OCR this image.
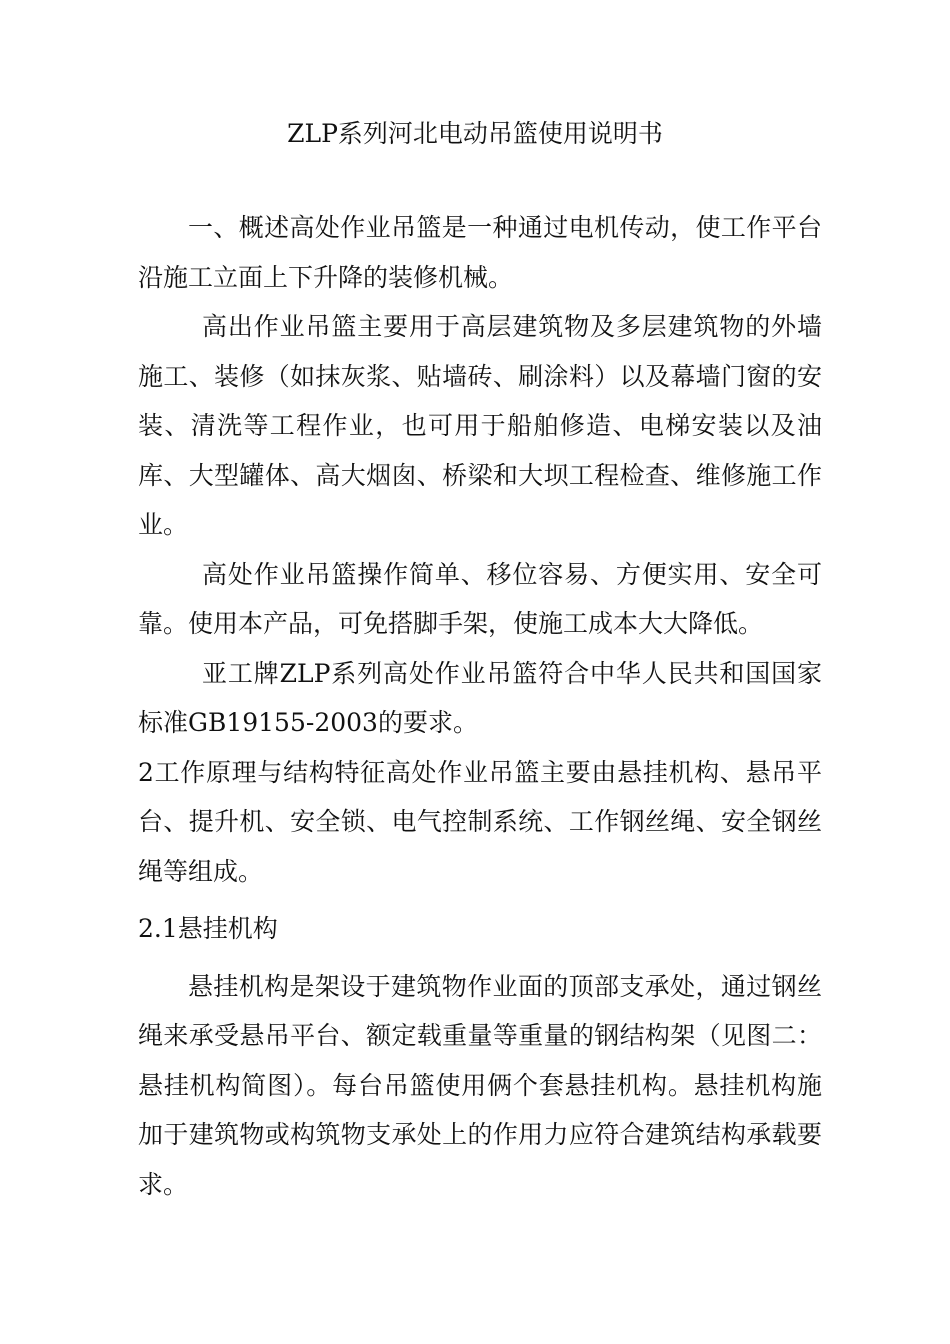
ZLP系列河北电动吊篮使用说明书

一、概述高处作业吊篮是一种通过电机传动，使工作平台沿施工立面上下升降的装修机械。

高出作业吊篮主要用于高层建筑物及多层建筑物的外墙施工、装修（如抹灰浆、贴墙砖、刷涂料）以及幕墙门窗的安装、清洗等工程作业，也可用于船舶修造、电梯安装以及油库、大型罐体、高大烟囱、桥梁和大坝工程检查、维修施工作业。

高处作业吊篮操作简单、移位容易、方便实用、安全可靠。使用本产品，可免搭脚手架，使施工成本大大降低。

亚工牌ZLP系列高处作业吊篮符合中华人民共和国国家标准GB19155-2003的要求。

2工作原理与结构特征高处作业吊篮主要由悬挂机构、悬吊平台、提升机、安全锁、电气控制系统、工作钢丝绳、安全钢丝绳等组成。

2.1悬挂机构

悬挂机构是架设于建筑物作业面的顶部支承处，通过钢丝绳来承受悬吊平台、额定载重量等重量的钢结构架（见图二：悬挂机构简图）。每台吊篮使用俩个套悬挂机构。悬挂机构施加于建筑物或构筑物支承处上的作用力应符合建筑结构承载要求。
